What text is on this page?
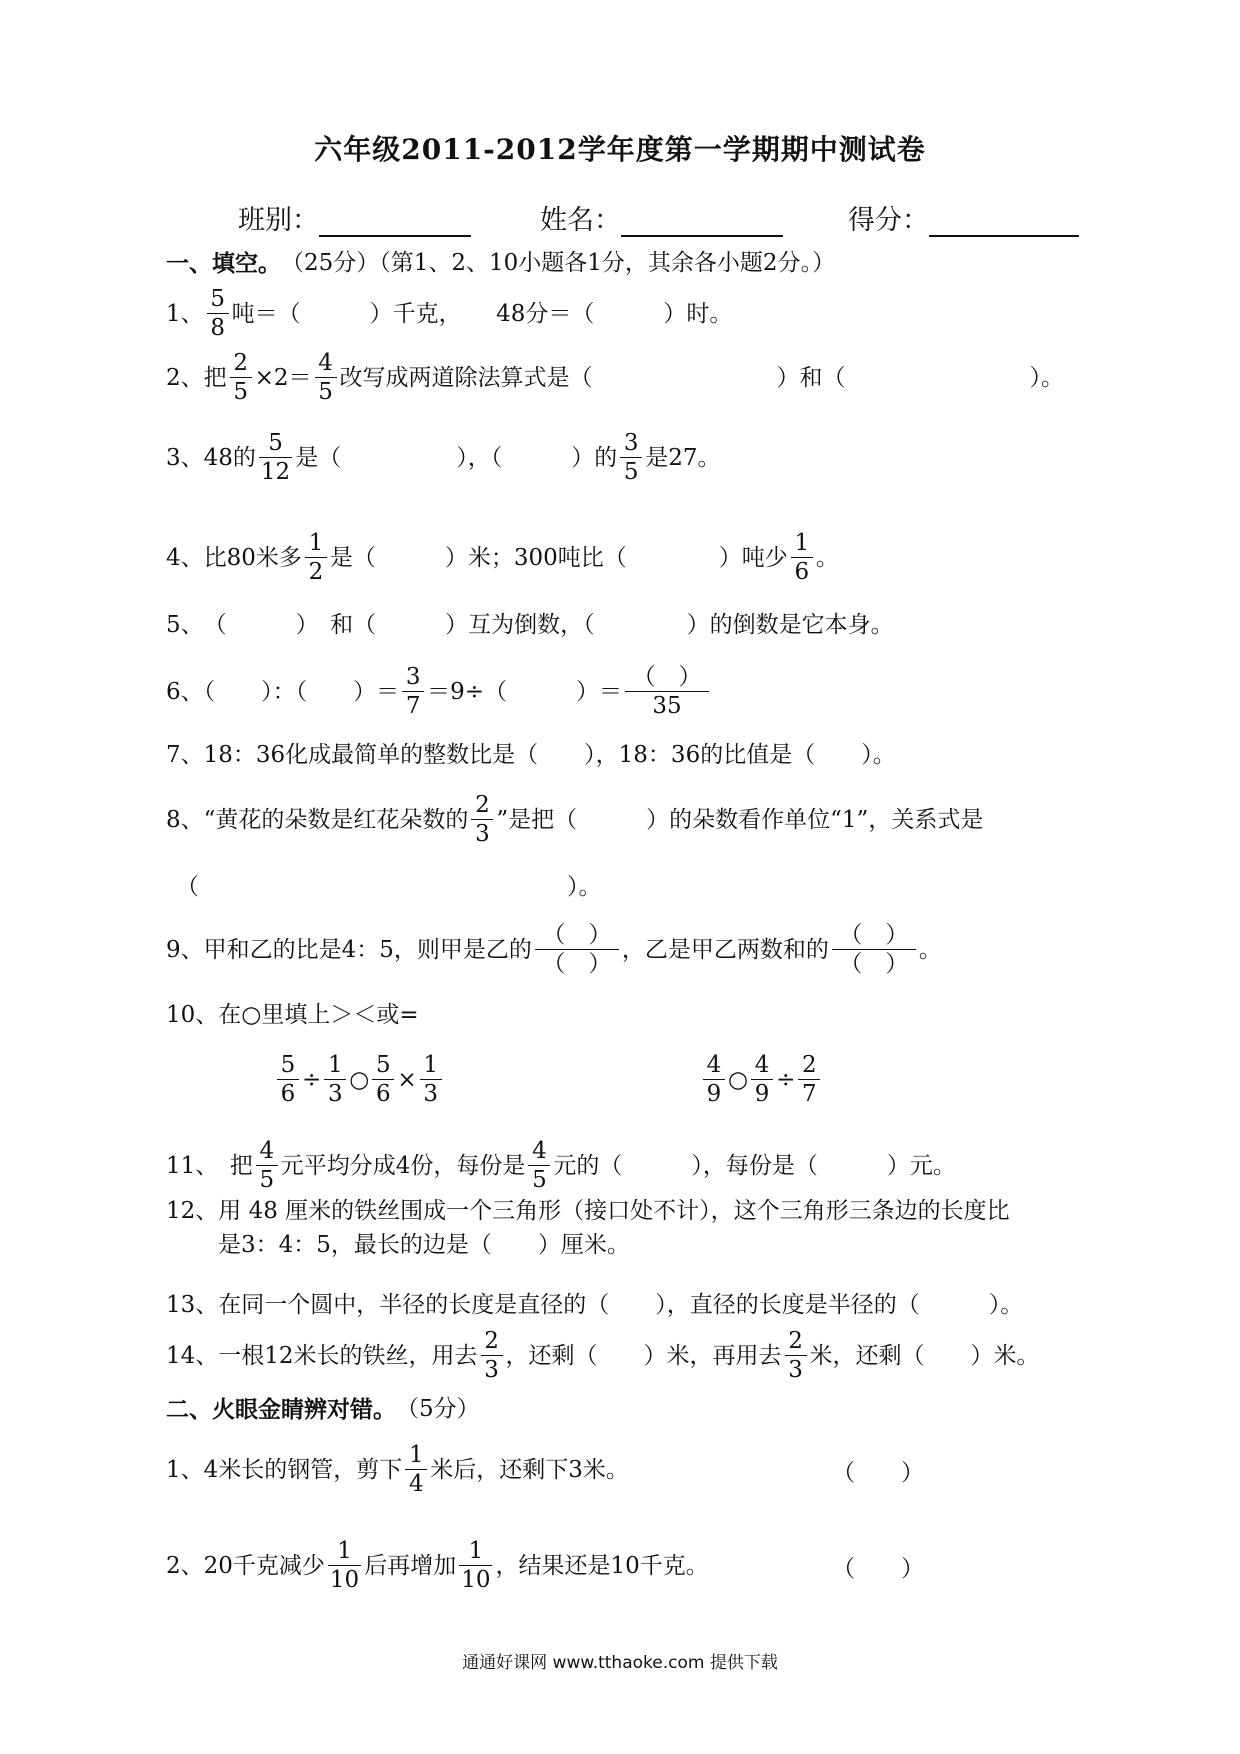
六年级2011-2012学年度第一学期期中测试卷
班别：	姓名：	得分：
一、填空。 （25分）（第1、2、10小题各1分，其余各小题2分。）
1、 $\frac{5}{8}$ 吨＝（　　　）千克，　　48分＝（　　　）时。
2、把 $\frac{2}{5} \times 2= \frac{4}{5}$ 改写成两道除法算式是（　　　　　　　　）和（　　　　　　　　）。
3、48的 $\frac{5}{12}$ 是（　　　　　），（　　　）的 $\frac{3}{5}$ 是27。
4、比80米多 $\frac{1}{2}$ 是（　　　）米；300吨比（　　　　）吨少 $\frac{1}{6}$ 。
5、　（　　　）　和（　　　）互为倒数，（　　　　）的倒数是它本身。
6、（　　）：（　　）＝ $\frac{3}{7} =9\div$（　　　）＝ $\frac{( )}{35}$
7、18：36化成最简单的整数比是（　　），18：36的比值是（　　）。
8、“黄花的朵数是红花朵数的 $\frac{2}{3}$ ”是把（　　　）的朵数看作单位“1”，关系式是
（　　　　　　　　　　　　　　　　）。
9、甲和乙的比是4：5，则甲是乙的 $\frac{( )}{( )}$ ，乙是甲乙两数和的 $\frac{( )}{( )}$ 。
10、在○里填上＞＜或=
$\frac{5}{6} \div \frac{1}{3}$ ○ $\frac{5}{6} \times \frac{1}{3}$	$\frac{4}{9}$ ○ $\frac{4}{9} \div \frac{2}{7}$
11、　把 $\frac{4}{5}$ 元平均分成4份，每份是 $\frac{4}{5}$ 元的（　　　），每份是（　　　）元。
12、用 48 厘米的铁丝围成一个三角形（接口处不计），这个三角形三条边的长度比
是3：4：5，最长的边是（　　）厘米。
13、在同一个圆中，半径的长度是直径的（　　），直径的长度是半径的（　　　）。
14、一根12米长的铁丝，用去 $\frac{2}{3}$ ，还剩（　　）米，再用去 $\frac{2}{3}$ 米，还剩（　　）米。
二、火眼金睛辨对错。 （5分）
1、4米长的钢管，剪下 $\frac{1}{4}$ 米后，还剩下3米。	（　　）
2、20千克减少 $\frac{1}{10}$ 后再增加 $\frac{1}{10}$ ，结果还是10千克。	（　　）
通通好课网 www.tthaoke.com 提供下载
